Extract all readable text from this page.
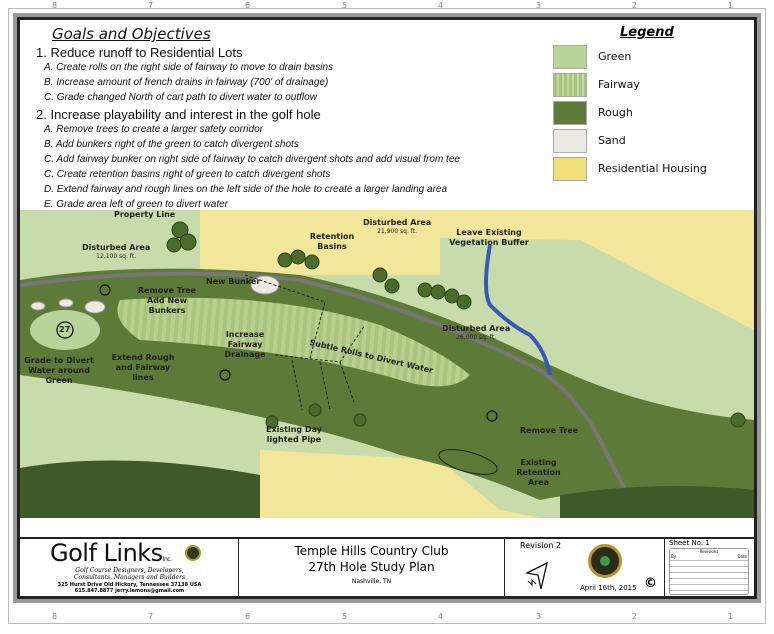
8	7	6	5	4	3	2	1
8	7	6	5	4	3	2	1
Goals and Objectives
1. Reduce runoff to Residential Lots
A. Create rolls on the right side of fairway to move to drain basins
B. Increase amount of french drains in fairway (700' of drainage)
C. Grade changed North of cart path to divert water to outflow
2. Increase playability and interest in the golf hole
A. Remove trees to create a larger safety corridor
B. Add bunkers right of the green to catch divergent shots
C. Add fairway bunker on right side of fairway to catch divergent shots and add visual from tee
C. Create retention basins right of green to catch divergent shots
D. Extend fairway and rough lines on the left side of the hole to create a larger landing area
E. Grade area left of green to divert water
Legend
Green
Fairway
Rough
Sand
Residential Housing
Property Line
Disturbed Area
12,100 sq. ft.
Disturbed Area
21,900 sq. ft.
Disturbed Area
26,000 sq. ft.
Retention Basins
Leave Existing Vegetation Buffer
New Bunker
Remove Tree Add New Bunkers
Increase Fairway Drainage	Subtle Rolls to Divert Water
Grade to Divert Water around Green
Extend Rough and Fairway lines
Remove Tree
Existing Day lighted Pipe
Existing Retention Area
27
Golf LinksInc.
Golf Course Designers, Developers,
Consultants, Managers and Builders
325 Hurst Drive Old Hickory, Tennessee 37138 USA
615.847.8877 jerry.lemons@gmail.com
Temple Hills Country Club
27th Hole Study Plan
Nashville, TN
Revision 2
April 16th, 2015 ©
Sheet No. 1
Revisions
By	Date
